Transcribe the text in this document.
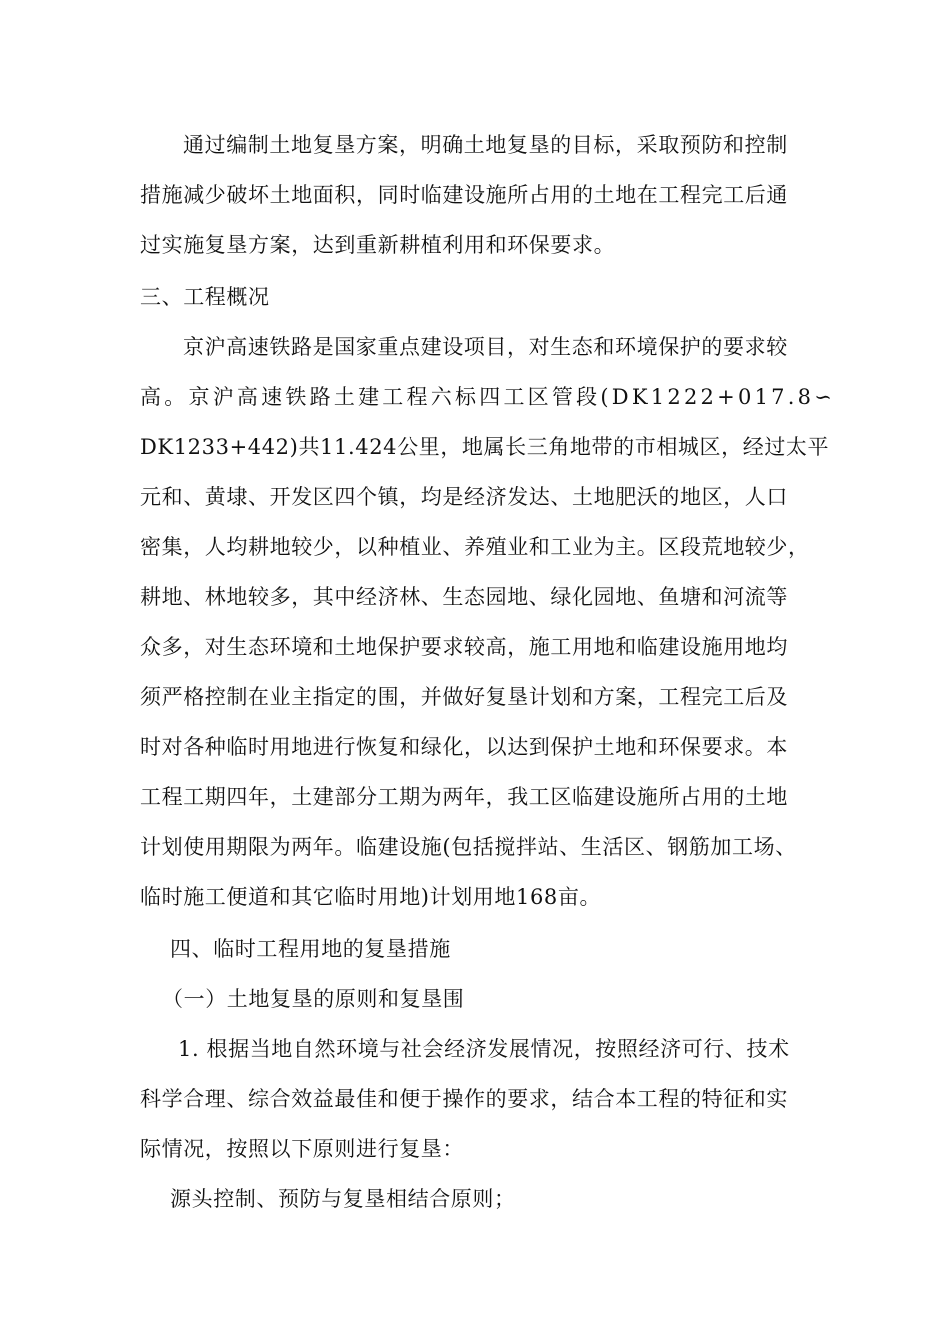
通过编制土地复垦方案，明确土地复垦的目标，采取预防和控制
措施减少破坏土地面积，同时临建设施所占用的土地在工程完工后通
过实施复垦方案，达到重新耕植利用和环保要求。
三、工程概况
京沪高速铁路是国家重点建设项目，对生态和环境保护的要求较
高。京沪高速铁路土建工程六标四工区管段(DK1222+017.8∽
DK1233+442)共11.424公里，地属长三角地带的市相城区，经过太平
元和、黄埭、开发区四个镇，均是经济发达、土地肥沃的地区，人口
密集，人均耕地较少，以种植业、养殖业和工业为主。区段荒地较少，
耕地、林地较多，其中经济林、生态园地、绿化园地、鱼塘和河流等
众多，对生态环境和土地保护要求较高，施工用地和临建设施用地均
须严格控制在业主指定的围，并做好复垦计划和方案，工程完工后及
时对各种临时用地进行恢复和绿化，以达到保护土地和环保要求。本
工程工期四年，土建部分工期为两年，我工区临建设施所占用的土地
计划使用期限为两年。临建设施(包括搅拌站、生活区、钢筋加工场、
临时施工便道和其它临时用地)计划用地168亩。
四、临时工程用地的复垦措施
（一）土地复垦的原则和复垦围
1. 根据当地自然环境与社会经济发展情况，按照经济可行、技术
科学合理、综合效益最佳和便于操作的要求，结合本工程的特征和实
际情况，按照以下原则进行复垦：
源头控制、预防与复垦相结合原则；
